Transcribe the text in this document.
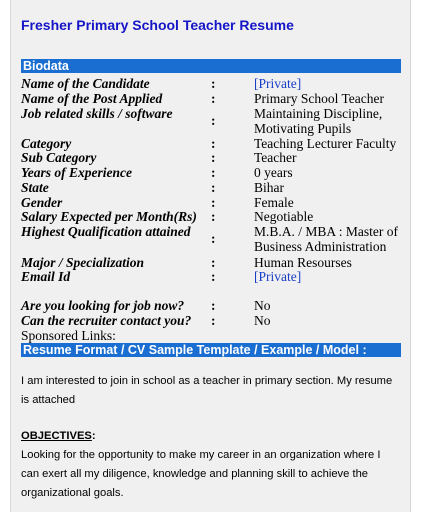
Fresher Primary School Teacher Resume
Biodata
Name of the Candidate	:	[Private]
Name of the Post Applied	:	Primary School Teacher
Job related skills / software	:	Maintaining Discipline, Motivating Pupils
Category	:	Teaching Lecturer Faculty
Sub Category	:	Teacher
Years of Experience	:	0 years
State	:	Bihar
Gender	:	Female
Salary Expected per Month(Rs) :	Negotiable
Highest Qualification attained :	M.B.A. / MBA : Master of Business Administration
Major / Specialization	:	Human Resourses
Email Id	:	[Private]
Are you looking for job now? :	No
Can the recruiter contact you? :	No
Sponsored Links:
Resume Format / CV Sample Template / Example / Model :
I am interested to join in school as a teacher in primary section. My resume is attached
OBJECTIVES:
Looking for the opportunity to make my career in an organization where I can exert all my diligence, knowledge and planning skill to achieve the organizational goals.
